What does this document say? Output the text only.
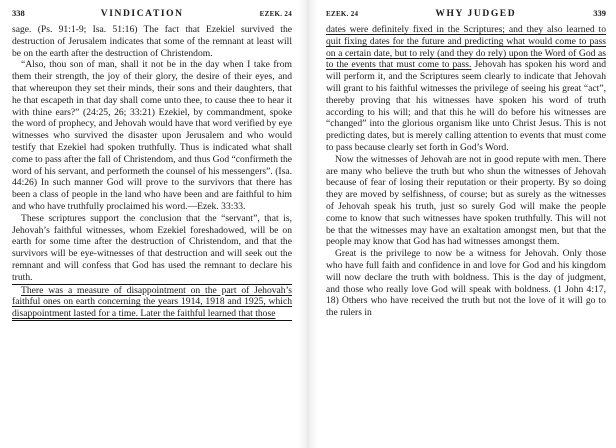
338	VINDICATION	EZEK. 24

sage. (Ps. 91:1-9; Isa. 51:16) The fact that Ezekiel survived the destruction of Jerusalem indicates that some of the remnant at least will be on the earth after the destruction of Christendom.

“Also, thou son of man, shall it not be in the day when I take from them their strength, the joy of their glory, the desire of their eyes, and that whereupon they set their minds, their sons and their daughters, that he that escapeth in that day shall come unto thee, to cause thee to hear it with thine ears?” (24:25, 26; 33:21) Ezekiel, by commandment, spoke the word of prophecy, and Jehovah would have that word verified by eye witnesses who survived the disaster upon Jerusalem and who would testify that Ezekiel had spoken truthfully. Thus is indicated what shall come to pass after the fall of Christendom, and thus God “confirmeth the word of his servant, and performeth the counsel of his messengers”. (Isa. 44:26) In such manner God will prove to the survivors that there has been a class of people in the land who have been and are faithful to him and who have truthfully proclaimed his word.—Ezek. 33:33.

These scriptures support the conclusion that the “servant”, that is, Jehovah’s faithful witnesses, whom Ezekiel foreshadowed, will be on earth for some time after the destruction of Christendom, and that the survivors will be eye-witnesses of that destruction and will seek out the remnant and will confess that God has used the remnant to declare his truth.

There was a measure of disappointment on the part of Jehovah’s faithful ones on earth concerning the years 1914, 1918 and 1925, which disappointment lasted for a time. Later the faithful learned that those

EZEK. 24	WHY JUDGED	339

dates were definitely fixed in the Scriptures; and they also learned to quit fixing dates for the future and predicting what would come to pass on a certain date, but to rely (and they do rely) upon the Word of God as to the events that must come to pass. Jehovah has spoken his word and will perform it, and the Scriptures seem clearly to indicate that Jehovah will grant to his faithful witnesses the privilege of seeing his great “act”, thereby proving that his witnesses have spoken his word of truth according to his will; and that this he will do before his witnesses are “changed” into the glorious organism like unto Christ Jesus. This is not predicting dates, but is merely calling attention to events that must come to pass because clearly set forth in God’s Word.

Now the witnesses of Jehovah are not in good repute with men. There are many who believe the truth but who shun the witnesses of Jehovah because of fear of losing their reputation or their property. By so doing they are moved by selfishness, of course; but as surely as the witnesses of Jehovah speak his truth, just so surely God will make the people come to know that such witnesses have spoken truthfully. This will not be that the witnesses may have an exaltation amongst men, but that the people may know that God has had witnesses amongst them.

Great is the privilege to now be a witness for Jehovah. Only those who have full faith and confidence in and love for God and his kingdom will now declare the truth with boldness. This is the day of judgment, and those who really love God will speak with boldness. (1 John 4:17, 18) Others who have received the truth but not the love of it will go to the rulers in
